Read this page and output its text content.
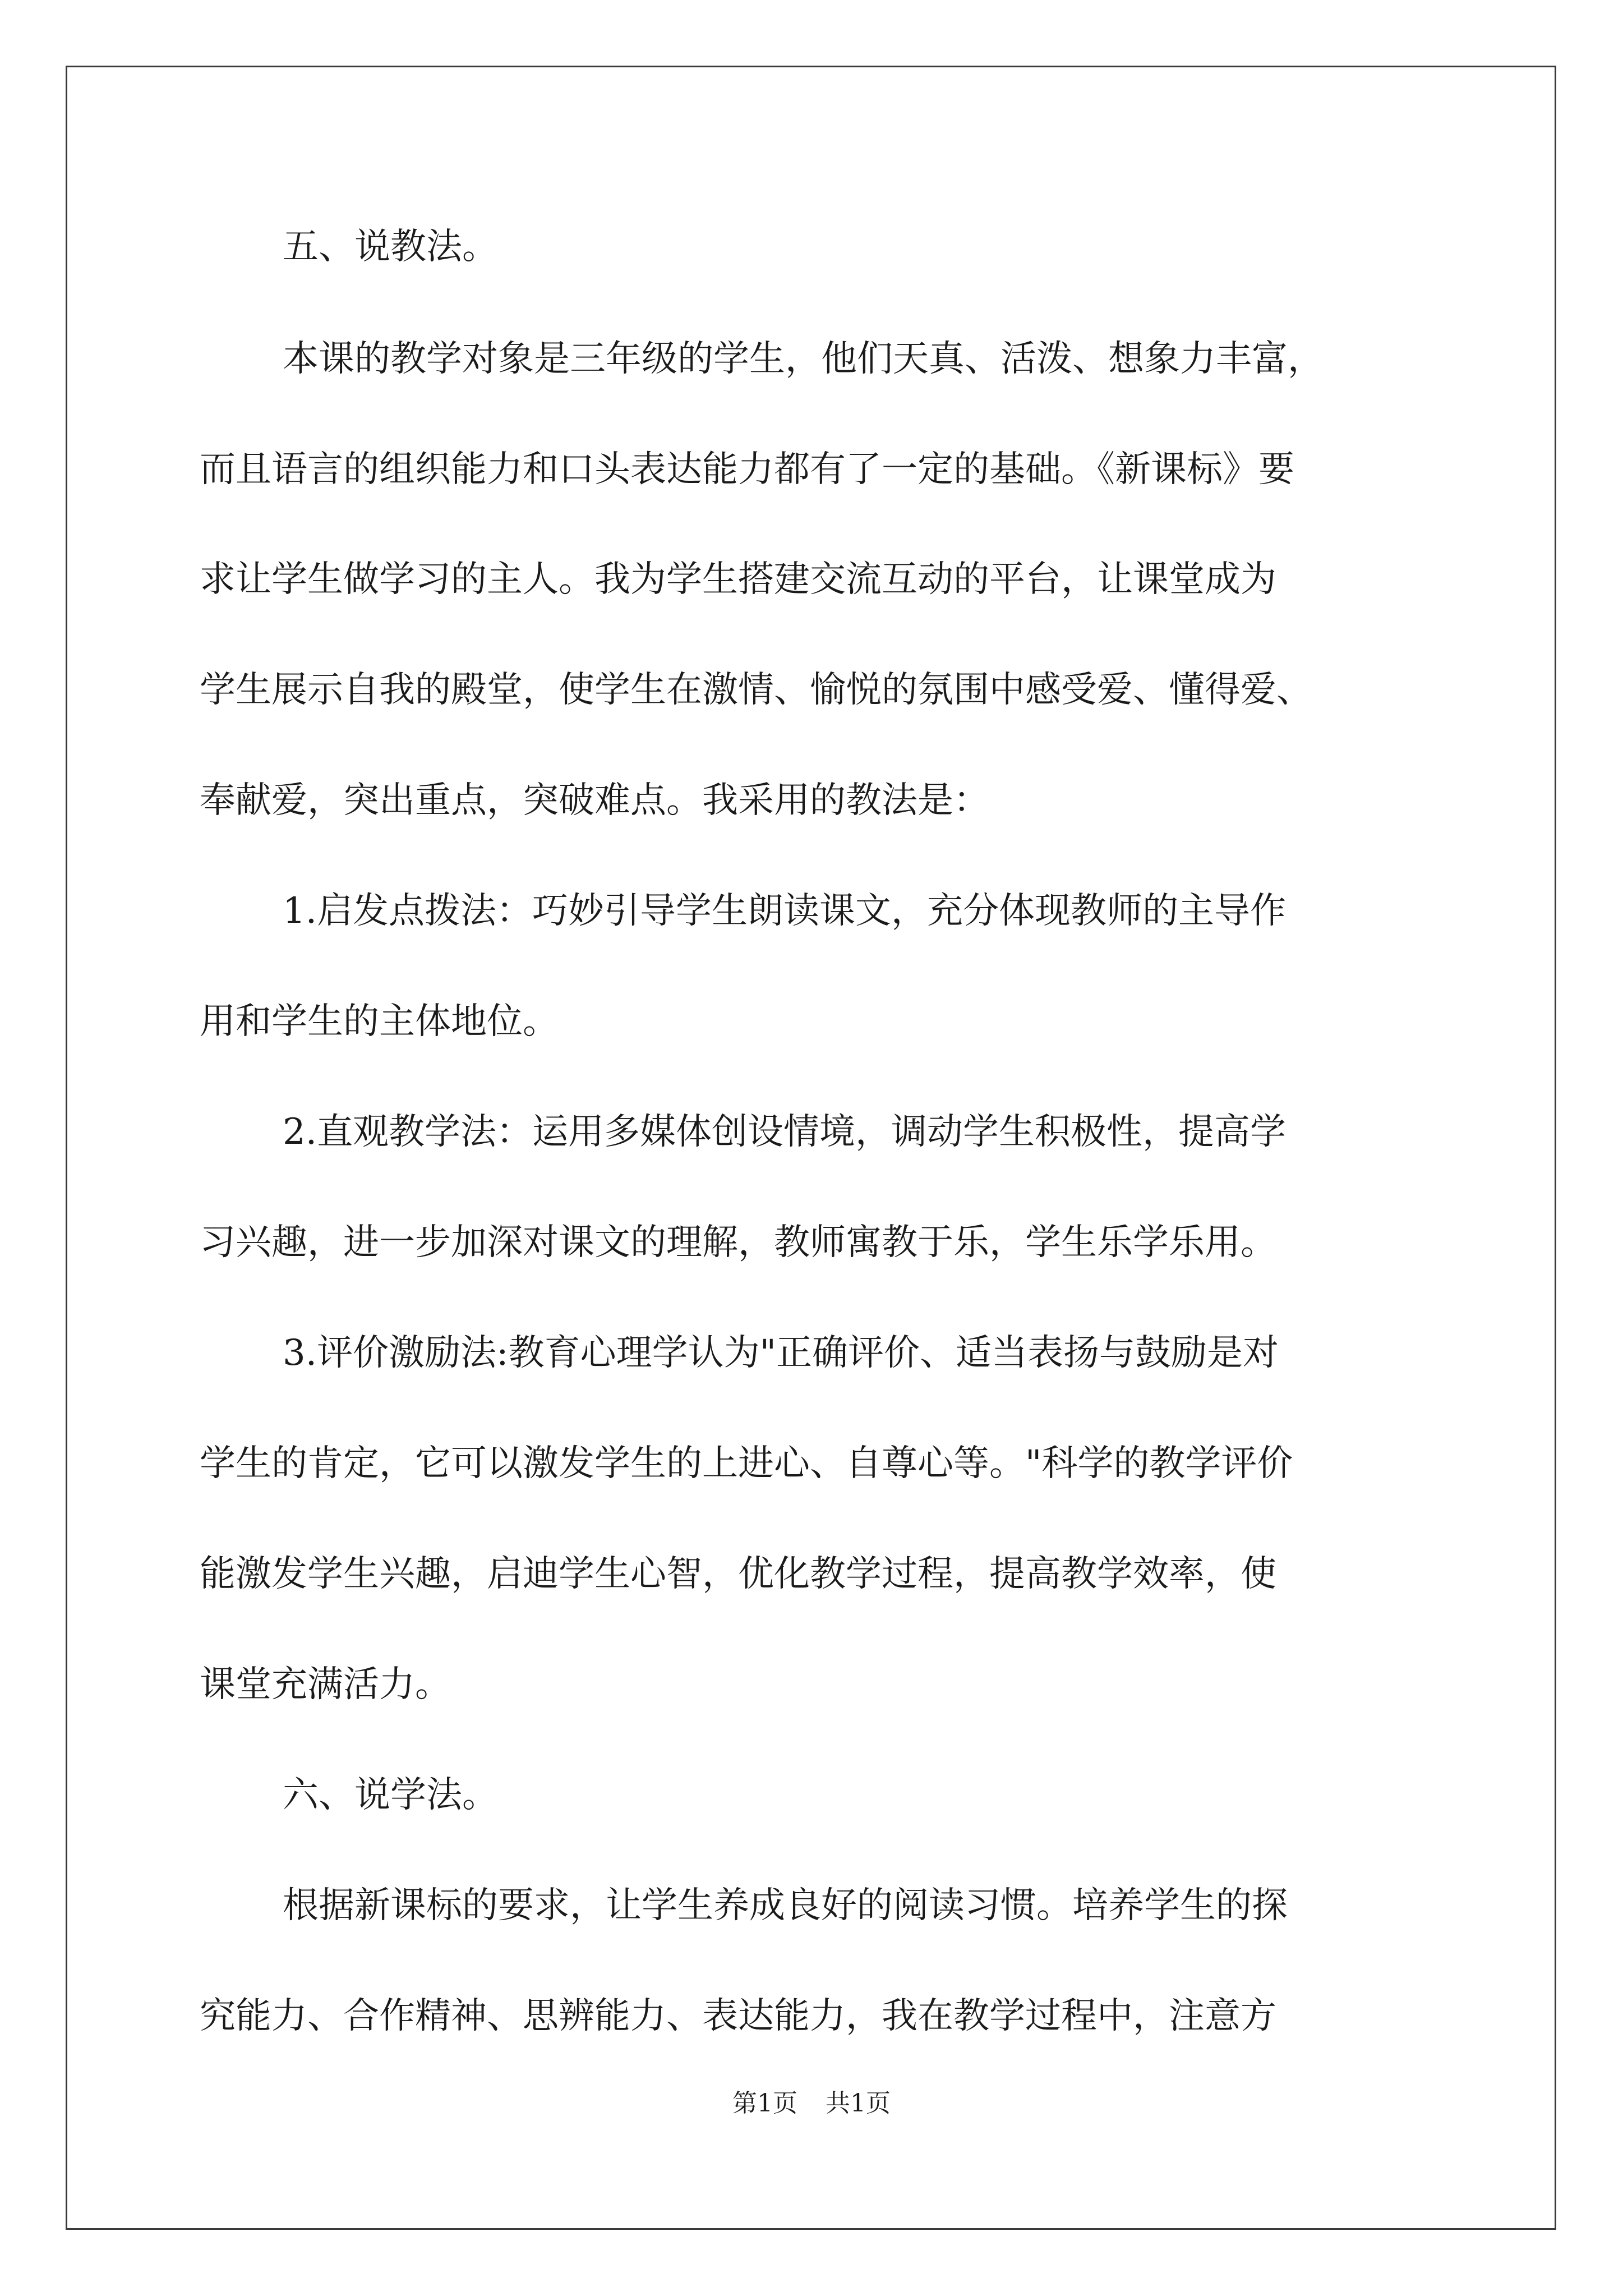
五、说教法。
本课的教学对象是三年级的学生，他们天真、活泼、想象力丰富，
而且语言的组织能力和口头表达能力都有了一定的基础。《新课标》要
求让学生做学习的主人。我为学生搭建交流互动的平台，让课堂成为
学生展示自我的殿堂，使学生在激情、愉悦的氛围中感受爱、懂得爱、
奉献爱，突出重点，突破难点。我采用的教法是：
1.启发点拨法：巧妙引导学生朗读课文，充分体现教师的主导作
用和学生的主体地位。
2.直观教学法：运用多媒体创设情境，调动学生积极性，提高学
习兴趣，进一步加深对课文的理解，教师寓教于乐，学生乐学乐用。
3.评价激励法:教育心理学认为"正确评价、适当表扬与鼓励是对
学生的肯定，它可以激发学生的上进心、自尊心等。"科学的教学评价
能激发学生兴趣，启迪学生心智，优化教学过程，提高教学效率，使
课堂充满活力。
六、说学法。
根据新课标的要求，让学生养成良好的阅读习惯。培养学生的探
究能力、合作精神、思辨能力、表达能力，我在教学过程中，注意方
第1页 共1页
